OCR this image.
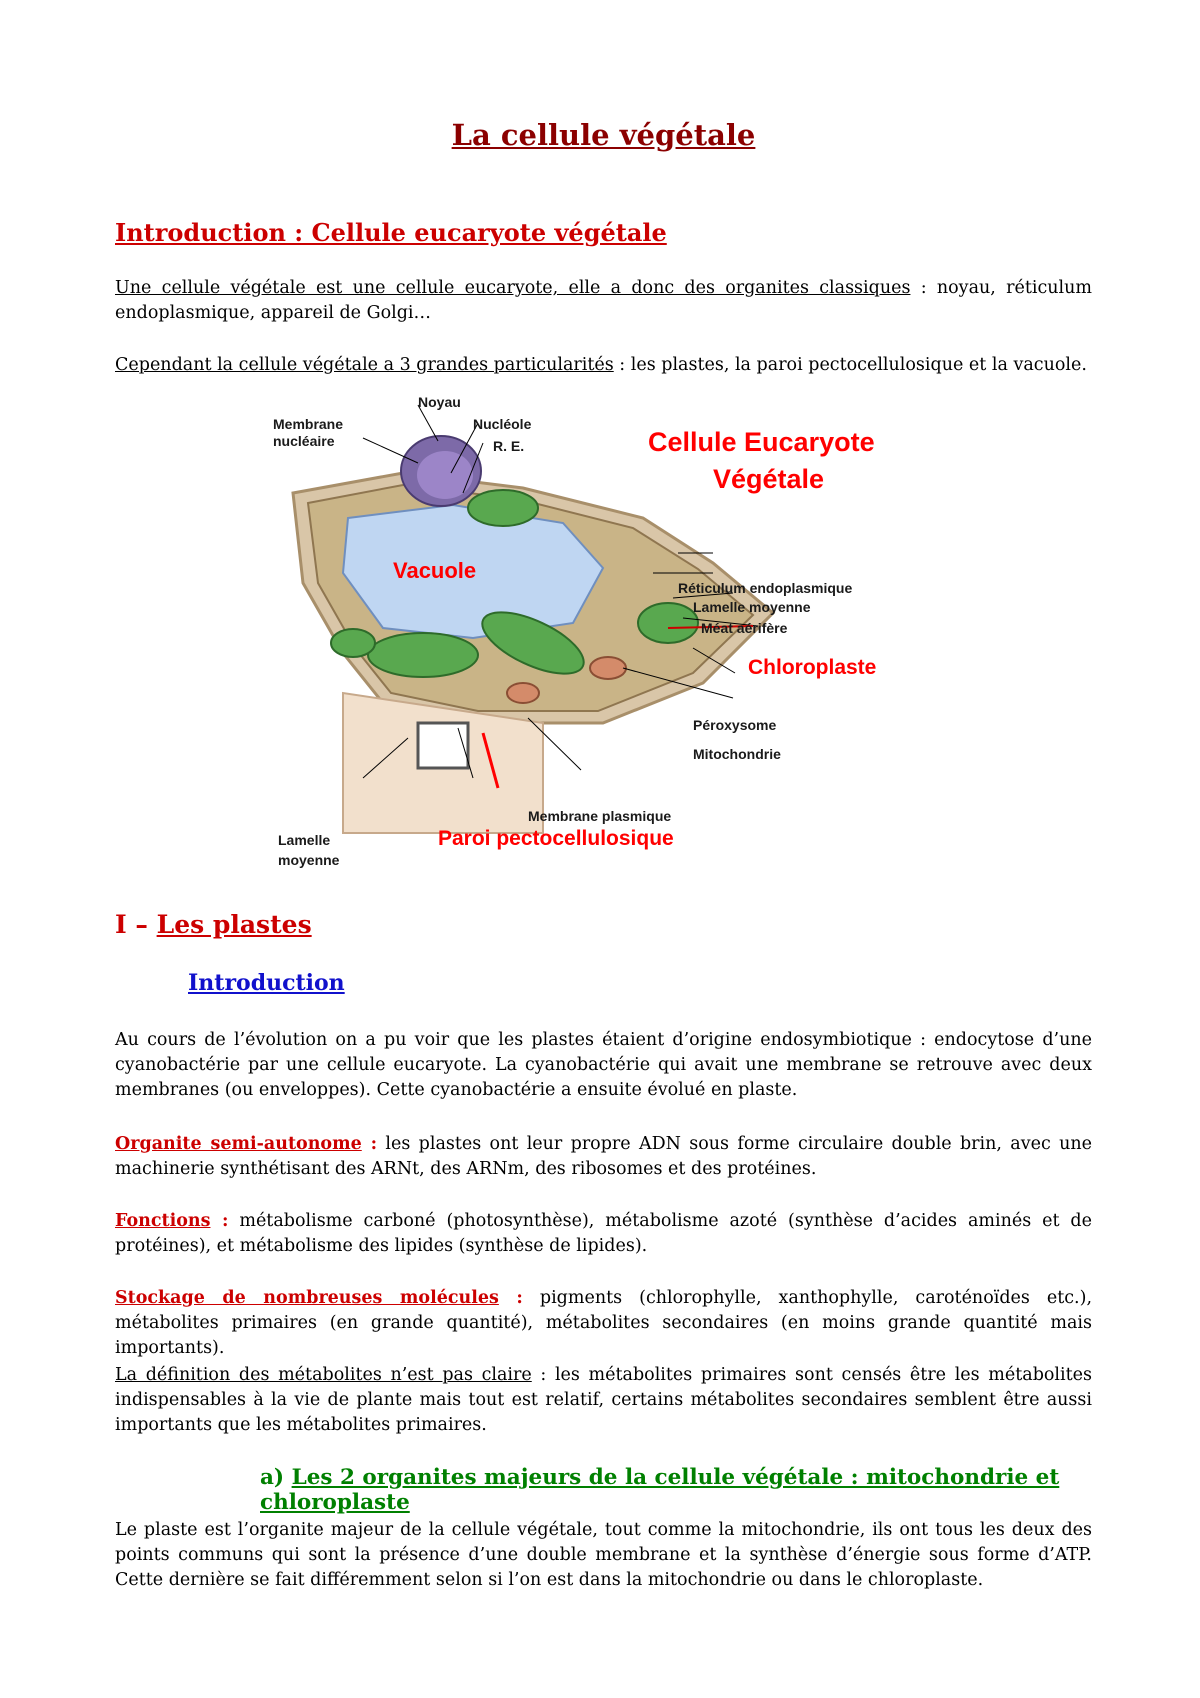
La cellule végétale
Introduction : Cellule eucaryote végétale
Une cellule végétale est une cellule eucaryote, elle a donc des organites classiques : noyau, réticulum endoplasmique, appareil de Golgi…
Cependant la cellule végétale a 3 grandes particularités : les plastes, la paroi pectocellulosique et la vacuole.
Noyau
Membrane
nucléaire
Nucléole
R. E.
Vacuole
Réticulum endoplasmique
Lamelle moyenne
Méat aérifère
Chloroplaste
Péroxysome
Mitochondrie
Membrane plasmique
Paroi pectocellulosique
Lamelle
moyenne
Cellule Eucaryote
Végétale
I – Les plastes
Introduction
Au cours de l’évolution on a pu voir que les plastes étaient d’origine endosymbiotique : endocytose d’une cyanobactérie par une cellule eucaryote. La cyanobactérie qui avait une membrane se retrouve avec deux membranes (ou enveloppes). Cette cyanobactérie a ensuite évolué en plaste.
Organite semi-autonome : les plastes ont leur propre ADN sous forme circulaire double brin, avec une machinerie synthétisant des ARNt, des ARNm, des ribosomes et des protéines.
Fonctions : métabolisme carboné (photosynthèse), métabolisme azoté (synthèse d’acides aminés et de protéines), et métabolisme des lipides (synthèse de lipides).
Stockage de nombreuses molécules : pigments (chlorophylle, xanthophylle, caroténoïdes etc.), métabolites primaires (en grande quantité), métabolites secondaires (en moins grande quantité mais importants).
La définition des métabolites n’est pas claire : les métabolites primaires sont censés être les métabolites indispensables à la vie de plante mais tout est relatif, certains métabolites secondaires semblent être aussi importants que les métabolites primaires.
a) Les 2 organites majeurs de la cellule végétale : mitochondrie et chloroplaste
Le plaste est l’organite majeur de la cellule végétale, tout comme la mitochondrie, ils ont tous les deux des points communs qui sont la présence d’une double membrane et la synthèse d’énergie sous forme d’ATP. Cette dernière se fait différemment selon si l’on est dans la mitochondrie ou dans le chloroplaste.
